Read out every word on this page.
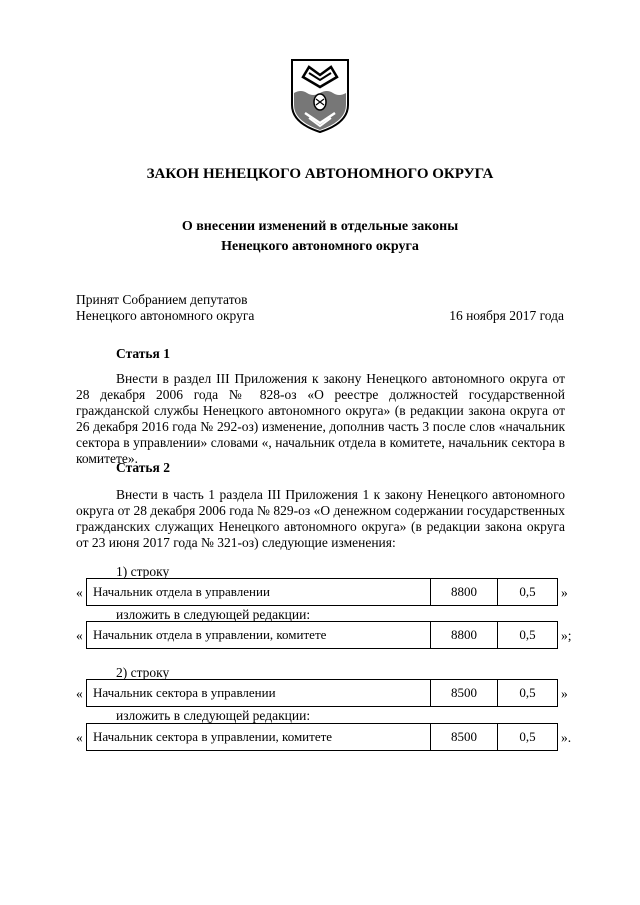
ЗАКОН НЕНЕЦКОГО АВТОНОМНОГО ОКРУГА
О внесении изменений в отдельные законы
Ненецкого автономного округа
Принят Собранием депутатов
Ненецкого автономного округа	16 ноября 2017 года
Статья 1
Внести в раздел III Приложения к закону Ненецкого автономного округа от 28 декабря 2006 года № 828-оз «О реестре должностей государственной гражданской службы Ненецкого автономного округа» (в редакции закона округа от 26 декабря 2016 года № 292-оз) изменение, дополнив часть 3 после слов «начальник сектора в управлении» словами «, начальник отдела в комитете, начальник сектора в комитете».
Статья 2
Внести в часть 1 раздела III Приложения 1 к закону Ненецкого автономного округа от 28 декабря 2006 года № 829-оз «О денежном содержании государственных гражданских служащих Ненецкого автономного округа» (в редакции закона округа от 23 июня 2017 года № 321-оз) следующие изменения:
1) строку
« Начальник отдела в управлении	8800	0,5	»
изложить в следующей редакции:
« Начальник отдела в управлении, комитете	8800	0,5	»;
2) строку
« Начальник сектора в управлении	8500	0,5	»
изложить в следующей редакции:
« Начальник сектора в управлении, комитете	8500	0,5	».
